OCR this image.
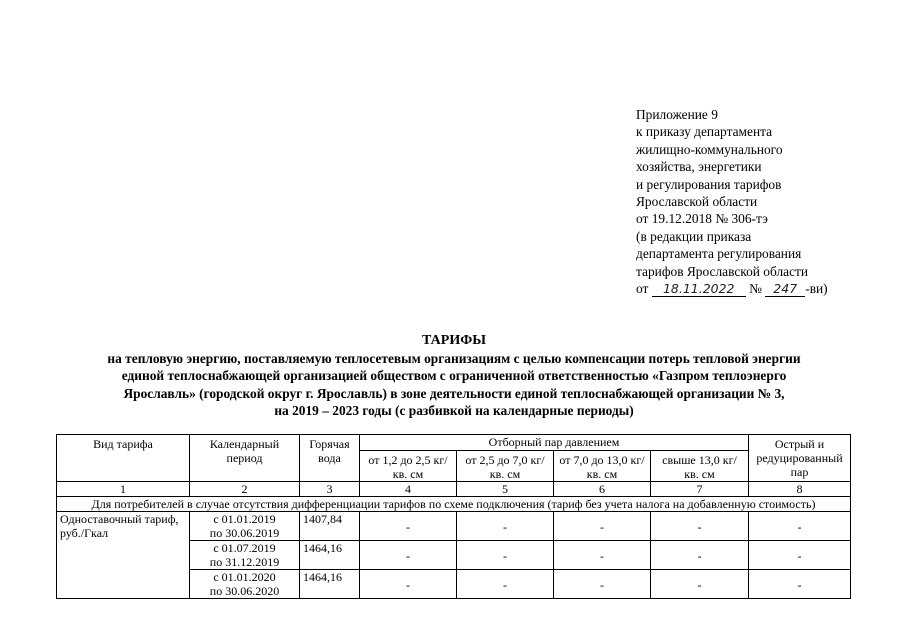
Приложение 9
к приказу департамента
жилищно-коммунального
хозяйства, энергетики
и регулирования тарифов
Ярославской области
от 19.12.2018 № 306-тэ
(в редакции приказа
департамента регулирования
тарифов Ярославской области
от 18.11.2022 № 247 -ви)
ТАРИФЫ
на тепловую энергию, поставляемую теплосетевым организациям с целью компенсации потерь тепловой энергии
единой теплоснабжающей организацией обществом с ограниченной ответственностью «Газпром теплоэнерго
Ярославль» (городской округ г. Ярославль) в зоне деятельности единой теплоснабжающей организации № 3,
на 2019 – 2023 годы (с разбивкой на календарные периоды)
Вид тарифа	Календарный период	Горячая вода	Отборный пар давлением				Острый и редуцированный пар
			от 1,2 до 2,5 кг/ кв. см	от 2,5 до 7,0 кг/ кв. см	от 7,0 до 13,0 кг/кв. см	свыше 13,0 кг/ кв. см	
1	2	3	4	5	6	7	8
Для потребителей в случае отсутствия дифференциации тарифов по схеме подключения (тариф без учета налога на добавленную стоимость)							
Одноставочный тариф, руб./Гкал	с 01.01.2019
по 30.06.2019	1407,84	-	-	-	-	-

	с 01.07.2019
по 31.12.2019	1464,16	-	-	-	-	-

	с 01.01.2020
по 30.06.2020	1464,16	-	-	-	-	-
